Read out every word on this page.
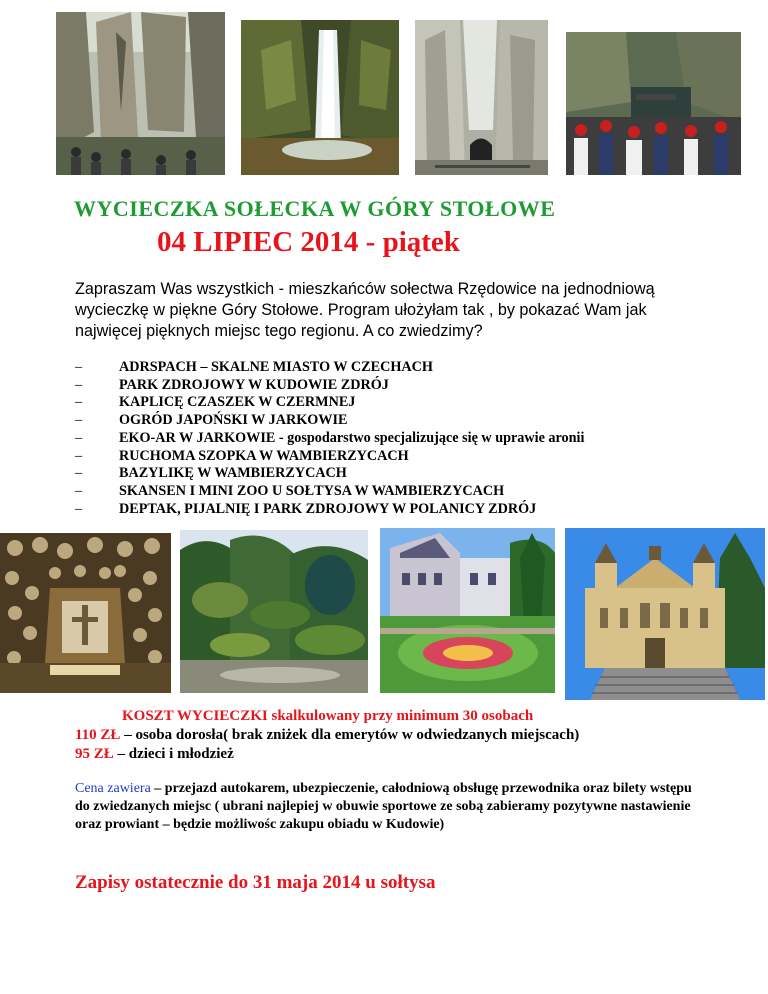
WYCIECZKA SOŁECKA W GÓRY STOŁOWE
04 LIPIEC 2014 - piątek
Zapraszam Was wszystkich - mieszkańców sołectwa Rzędowice na jednodniową wycieczkę w piękne Góry Stołowe. Program ułożyłam tak , by pokazać Wam jak najwięcej pięknych miejsc tego regionu. A co zwiedzimy?
–	ADRSPACH – SKALNE MIASTO W CZECHACH
–	PARK ZDROJOWY W KUDOWIE ZDRÓJ
–	KAPLICĘ CZASZEK W CZERMNEJ
–	OGRÓD JAPOŃSKI W JARKOWIE
–	EKO-AR W JARKOWIE - gospodarstwo specjalizujące się w uprawie aronii
–	RUCHOMA SZOPKA W WAMBIERZYCACH
–	BAZYLIKĘ W WAMBIERZYCACH
–	SKANSEN I MINI ZOO U SOŁTYSA W WAMBIERZYCACH
–	DEPTAK, PIJALNIĘ I PARK ZDROJOWY W POLANICY ZDRÓJ
KOSZT WYCIECZKI skalkulowany przy minimum 30 osobach
110 ZŁ – osoba dorosła( brak zniżek dla emerytów w odwiedzanych miejscach)
95 ZŁ – dzieci i młodzież
Cena zawiera – przejazd autokarem, ubezpieczenie, całodniową obsługę przewodnika oraz bilety wstępu do zwiedzanych miejsc ( ubrani najlepiej w obuwie sportowe ze sobą zabieramy pozytywne nastawienie oraz prowiant – będzie możliwośc zakupu obiadu w Kudowie)
Zapisy ostatecznie do 31 maja 2014 u sołtysa
